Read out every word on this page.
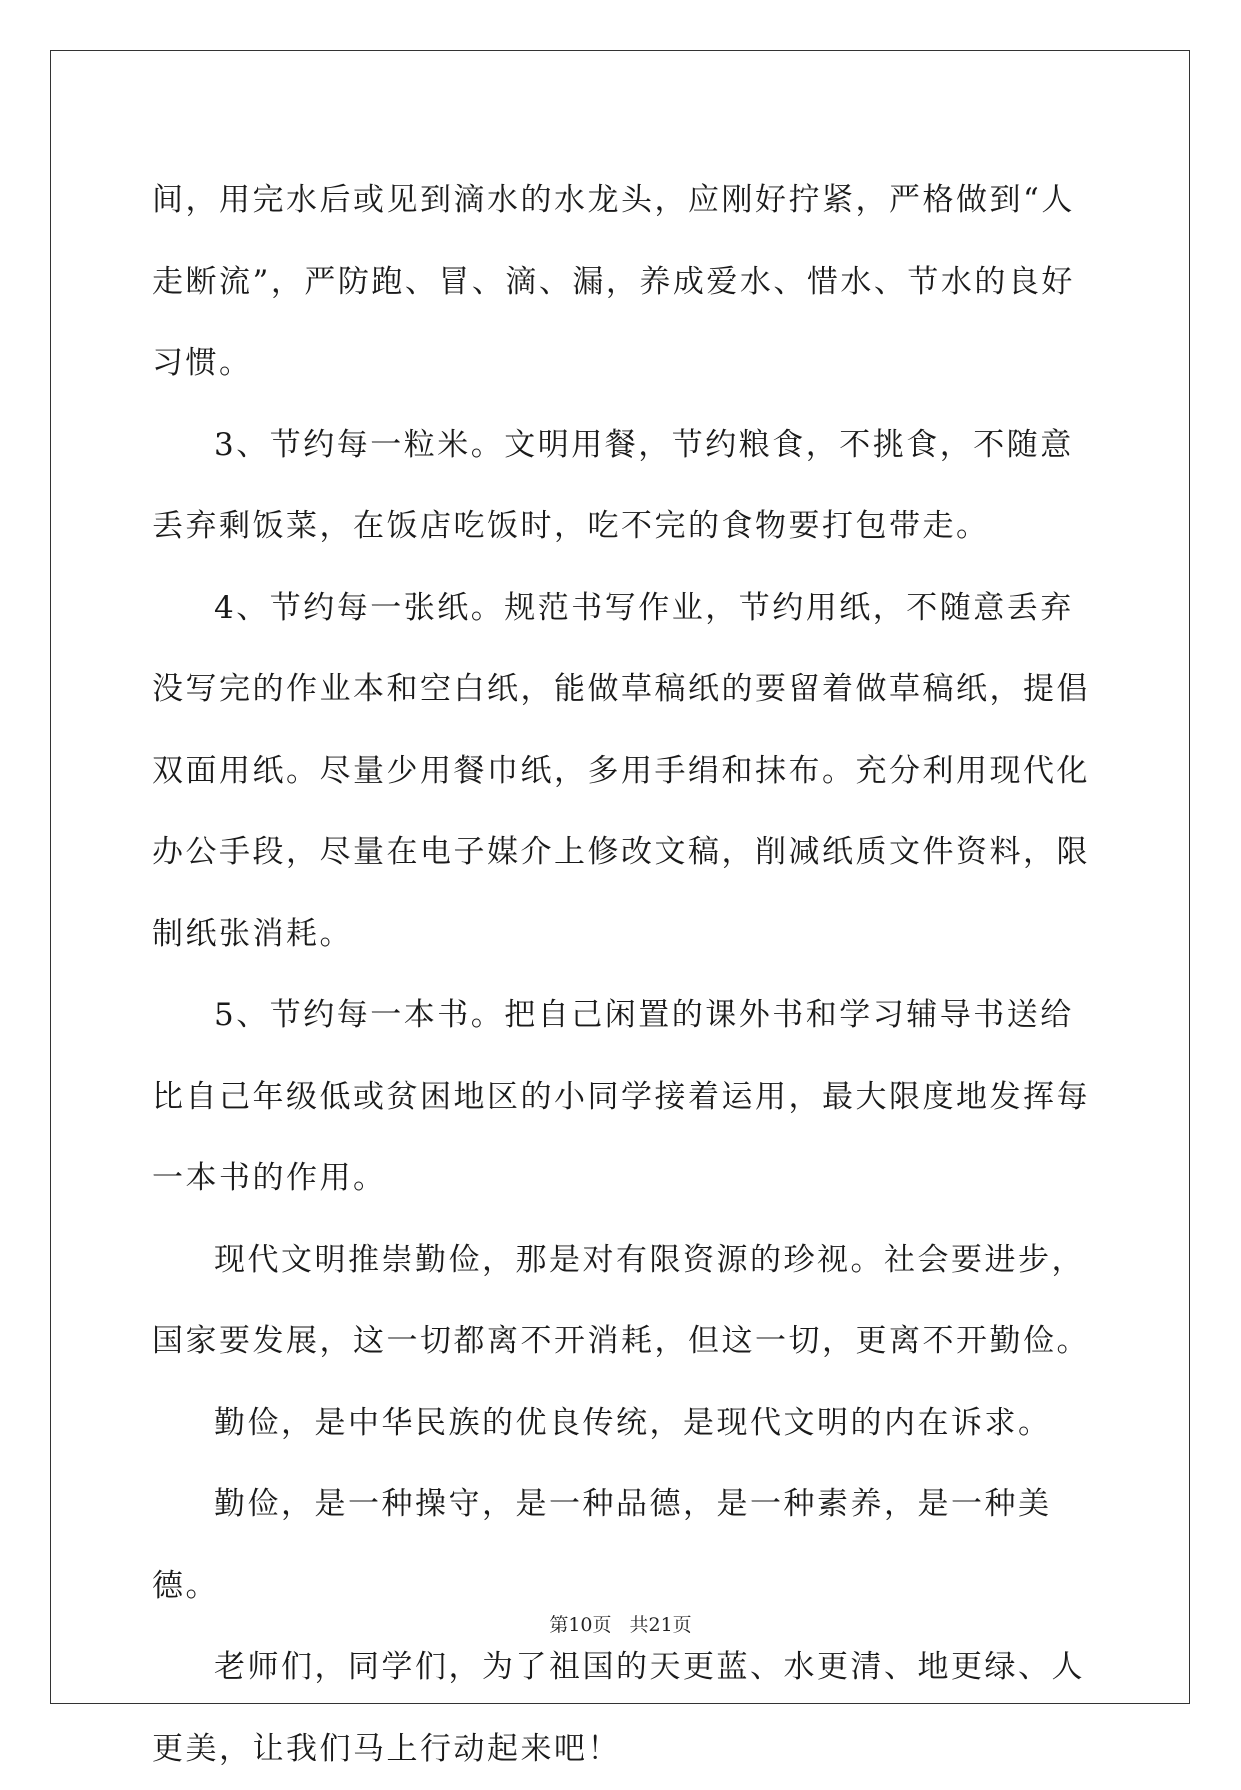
间，用完水后或见到滴水的水龙头，应刚好拧紧，严格做到“人走断流”，严防跑、冒、滴、漏，养成爱水、惜水、节水的良好习惯。

3、节约每一粒米。文明用餐，节约粮食，不挑食，不随意丢弃剩饭菜，在饭店吃饭时，吃不完的食物要打包带走。

4、节约每一张纸。规范书写作业，节约用纸，不随意丢弃没写完的作业本和空白纸，能做草稿纸的要留着做草稿纸，提倡双面用纸。尽量少用餐巾纸，多用手绢和抹布。充分利用现代化办公手段，尽量在电子媒介上修改文稿，削减纸质文件资料，限制纸张消耗。

5、节约每一本书。把自己闲置的课外书和学习辅导书送给比自己年级低或贫困地区的小同学接着运用，最大限度地发挥每一本书的作用。

现代文明推崇勤俭，那是对有限资源的珍视。社会要进步，国家要发展，这一切都离不开消耗，但这一切，更离不开勤俭。

勤俭，是中华民族的优良传统，是现代文明的内在诉求。

勤俭，是一种操守，是一种品德，是一种素养，是一种美德。

老师们，同学们，为了祖国的天更蓝、水更清、地更绿、人更美，让我们马上行动起来吧！

第10页 共21页
